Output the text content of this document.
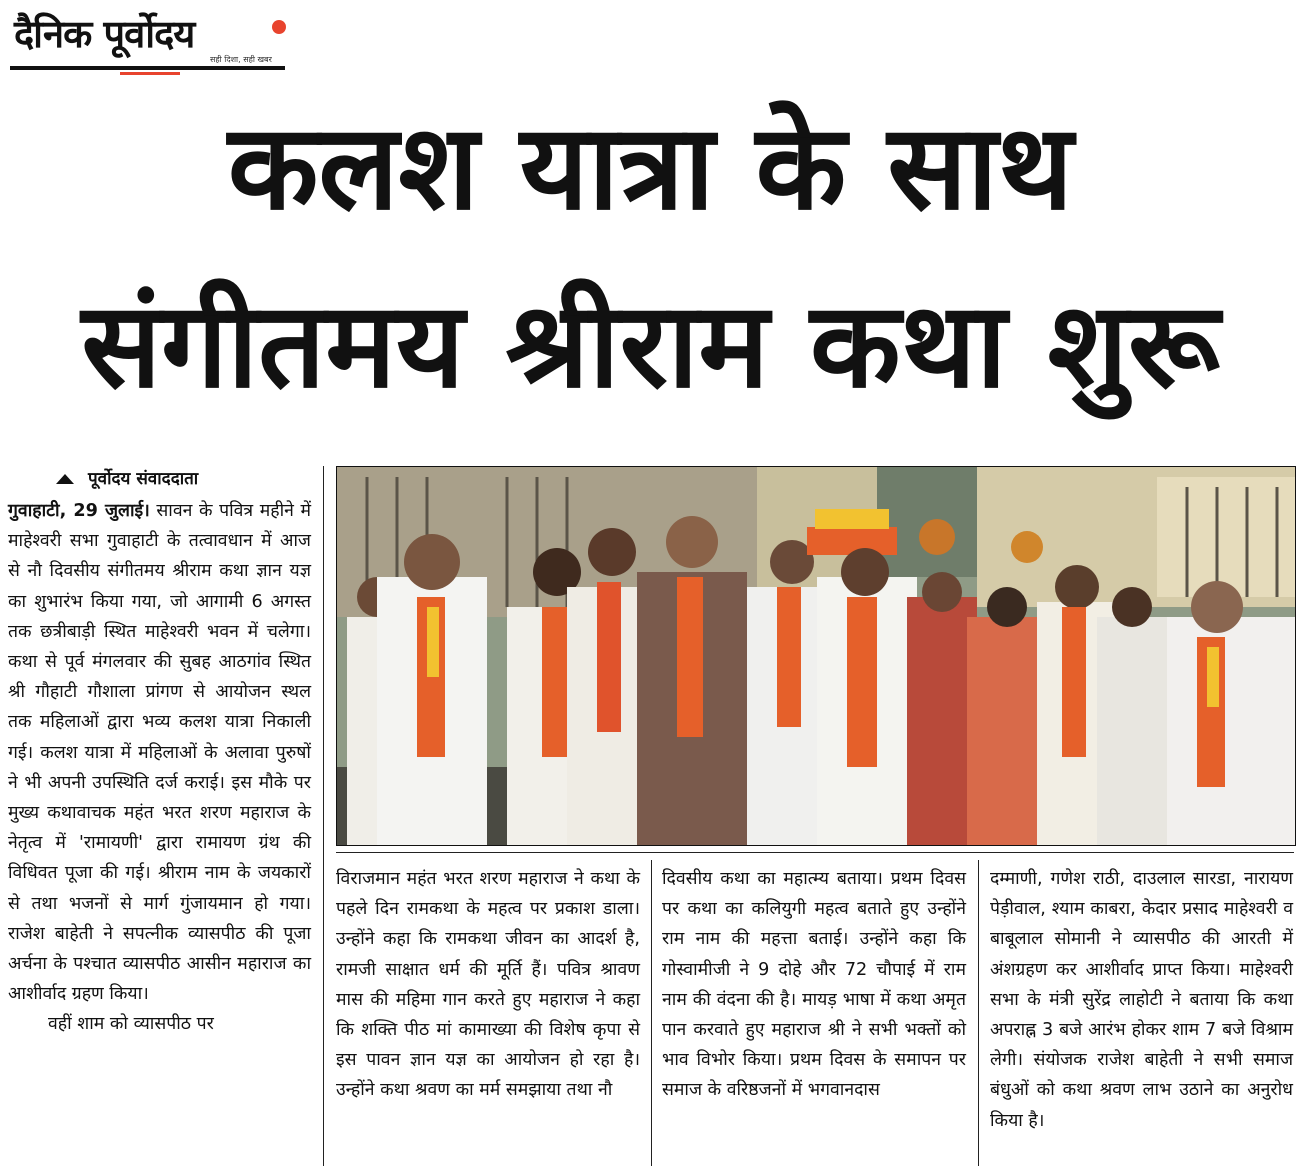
दैनिक पूर्वोदय
सही दिशा, सही खबर
कलश यात्रा के साथ
संगीतमय श्रीराम कथा शुरू
पूर्वोदय संवाददाता

गुवाहाटी, 29 जुलाई। सावन के पवित्र महीने में माहेश्वरी सभा गुवाहाटी के तत्वावधान में आज से नौ दिवसीय संगीतमय श्रीराम कथा ज्ञान यज्ञ का शुभारंभ किया गया, जो आगामी 6 अगस्त तक छत्रीबाड़ी स्थित माहेश्वरी भवन में चलेगा। कथा से पूर्व मंगलवार की सुबह आठगांव स्थित श्री गौहाटी गौशाला प्रांगण से आयोजन स्थल तक महिलाओं द्वारा भव्य कलश यात्रा निकाली गई। कलश यात्रा में महिलाओं के अलावा पुरुषों ने भी अपनी उपस्थिति दर्ज कराई। इस मौके पर मुख्य कथावाचक महंत भरत शरण महाराज के नेतृत्व में 'रामायणी' द्वारा रामायण ग्रंथ की विधिवत पूजा की गई। श्रीराम नाम के जयकारों से तथा भजनों से मार्ग गुंजायमान हो गया। राजेश बाहेती ने सपत्नीक व्यासपीठ की पूजा अर्चना के पश्चात व्यासपीठ आसीन महाराज का आशीर्वाद ग्रहण किया।

वहीं शाम को व्यासपीठ पर

विराजमान महंत भरत शरण महाराज ने कथा के पहले दिन रामकथा के महत्व पर प्रकाश डाला। उन्होंने कहा कि रामकथा जीवन का आदर्श है, रामजी साक्षात धर्म की मूर्ति हैं। पवित्र श्रावण मास की महिमा गान करते हुए महाराज ने कहा कि शक्ति पीठ मां कामाख्या की विशेष कृपा से इस पावन ज्ञान यज्ञ का आयोजन हो रहा है। उन्होंने कथा श्रवण का मर्म समझाया तथा नौ

दिवसीय कथा का महात्म्य बताया। प्रथम दिवस पर कथा का कलियुगी महत्व बताते हुए उन्होंने राम नाम की महत्ता बताई। उन्होंने कहा कि गोस्वामीजी ने 9 दोहे और 72 चौपाई में राम नाम की वंदना की है। मायड़ भाषा में कथा अमृत पान करवाते हुए महाराज श्री ने सभी भक्तों को भाव विभोर किया। प्रथम दिवस के समापन पर समाज के वरिष्ठजनों में भगवानदास

दम्माणी, गणेश राठी, दाउलाल सारडा, नारायण पेड़ीवाल, श्याम काबरा, केदार प्रसाद माहेश्वरी व बाबूलाल सोमानी ने व्यासपीठ की आरती में अंशग्रहण कर आशीर्वाद प्राप्त किया। माहेश्वरी सभा के मंत्री सुरेंद्र लाहोटी ने बताया कि कथा अपराह्न 3 बजे आरंभ होकर शाम 7 बजे विश्राम लेगी। संयोजक राजेश बाहेती ने सभी समाज बंधुओं को कथा श्रवण लाभ उठाने का अनुरोध किया है।
